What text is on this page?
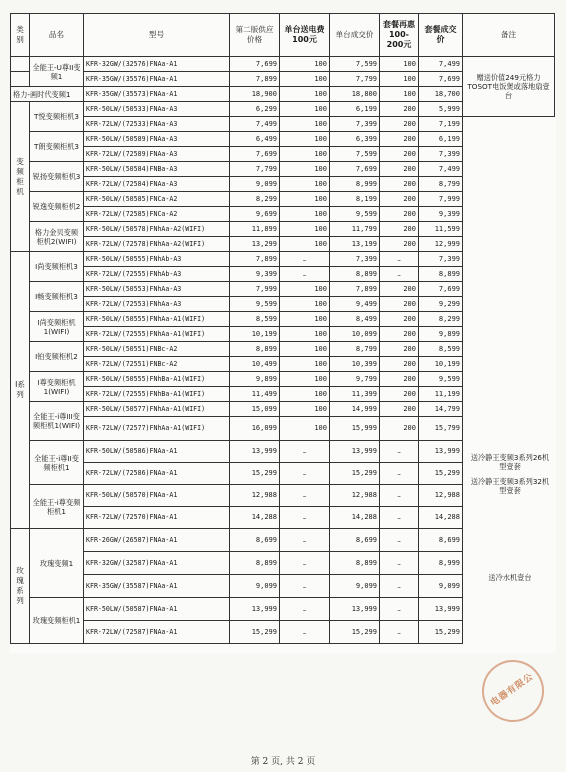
类别	品名	型号	第二版供应价格	单台送电费100元	单台成交价	套餐再惠100-200元	套餐成交价	备注
	全能王-U尊II变频1	KFR-32GW/(32576)FNAa-A1	7,699	100	7,599	100	7,499	赠送价值249元格力TOSOT电饭煲或落地扇壹台
		KFR-35GW/(35576)FNAa-A1	7,899	100	7,799	100	7,699	
格力-画时代变频1		KFR-35GW/(35573)FNAa-A1	18,900	100	18,800	100	18,700	
变频柜机	T悦变频柜机3	KFR-50LW/(50533)FNAa-A3	6,299	100	6,199	200	5,999	
		KFR-72LW/(72533)FNAa-A3	7,499	100	7,399	200	7,199	
	T朗变频柜机3	KFR-50LW/(50589)FNAa-A3	6,499	100	6,399	200	6,199	
		KFR-72LW/(72589)FNAa-A3	7,699	100	7,599	200	7,399	
	锐扬变频柜机3	KFR-50LW/(50584)FNBa-A3	7,799	100	7,699	200	7,499	
		KFR-72LW/(72584)FNAa-A3	9,099	100	8,999	200	8,799	
	锐逸变频柜机2	KFR-50LW/(50585)FNCa-A2	8,299	100	8,199	200	7,999	
		KFR-72LW/(72585)FNCa-A2	9,699	100	9,599	200	9,399	
	格力金贝变频柜机2(WIFI)	KFR-50LW/(50578)FNhAa-A2(WIFI)	11,899	100	11,799	200	11,599	
		KFR-72LW/(72578)FNhAa-A2(WIFI)	13,299	100	13,199	200	12,999	
I系列	I尚变频柜机3	KFR-50LW/(50555)FNhAb-A3	7,899	–	7,399	–	7,399	
		KFR-72LW/(72555)FNhAb-A3	9,399	–	8,899	–	8,899	
	I畅变频柜机3	KFR-50LW/(50553)FNhAa-A3	7,999	100	7,899	200	7,699	
		KFR-72LW/(72553)FNhAa-A3	9,599	100	9,499	200	9,299	
	I尚变频柜机1(WIFI)	KFR-50LW/(50555)FNhAa-A1(WIFI)	8,599	100	8,499	200	8,299	
		KFR-72LW/(72555)FNhAa-A1(WIFI)	10,199	100	10,099	200	9,899	
	I铂变频柜机2	KFR-50LW/(50551)FNBc-A2	8,899	100	8,799	200	8,599	
		KFR-72LW/(72551)FNBc-A2	10,499	100	10,399	200	10,199	
	I尊变频柜机1(WIFI)	KFR-50LW/(50555)FNhBa-A1(WIFI)	9,899	100	9,799	200	9,599	
		KFR-72LW/(72555)FNhBa-A1(WIFI)	11,499	100	11,399	200	11,199	
	全能王-i尊III变频柜机1(WIFI)	KFR-50LW/(50577)FNhAa-A1(WIFI)	15,099	100	14,999	200	14,799	
		KFR-72LW/(72577)FNhAa-A1(WIFI)	16,099	100	15,999	200	15,799	
	全能王-i尊II变频柜机1	KFR-50LW/(50586)FNAa-A1	13,999	–	13,999	–	13,999	
		KFR-72LW/(72586)FNAa-A1	15,299	–	15,299	–	15,299	
	全能王-i尊变频柜机1	KFR-50LW/(50570)FNAa-A1	12,988	–	12,988	–	12,988	
		KFR-72LW/(72570)FNAa-A1	14,288	–	14,288	–	14,288	
玫瑰系列	玫瑰变频1	KFR-26GW/(26587)FNAa-A1	8,699	–	8,699	–	8,699	
		KFR-32GW/(32587)FNAa-A1	8,899	–	8,899	–	8,999	
		KFR-35GW/(35587)FNAa-A1	9,099	–	9,099	–	9,099	
	玫瑰变频柜机1	KFR-50LW/(50587)FNAa-A1	13,999	–	13,999	–	13,999	
		KFR-72LW/(72587)FNAa-A1	15,299	–	15,299	–	15,299	
送冷静王变频3系列26机型壹套
送冷静王变频3系列32机型壹套
送冷水机壹台
电器有限公
第 2 页, 共 2 页
